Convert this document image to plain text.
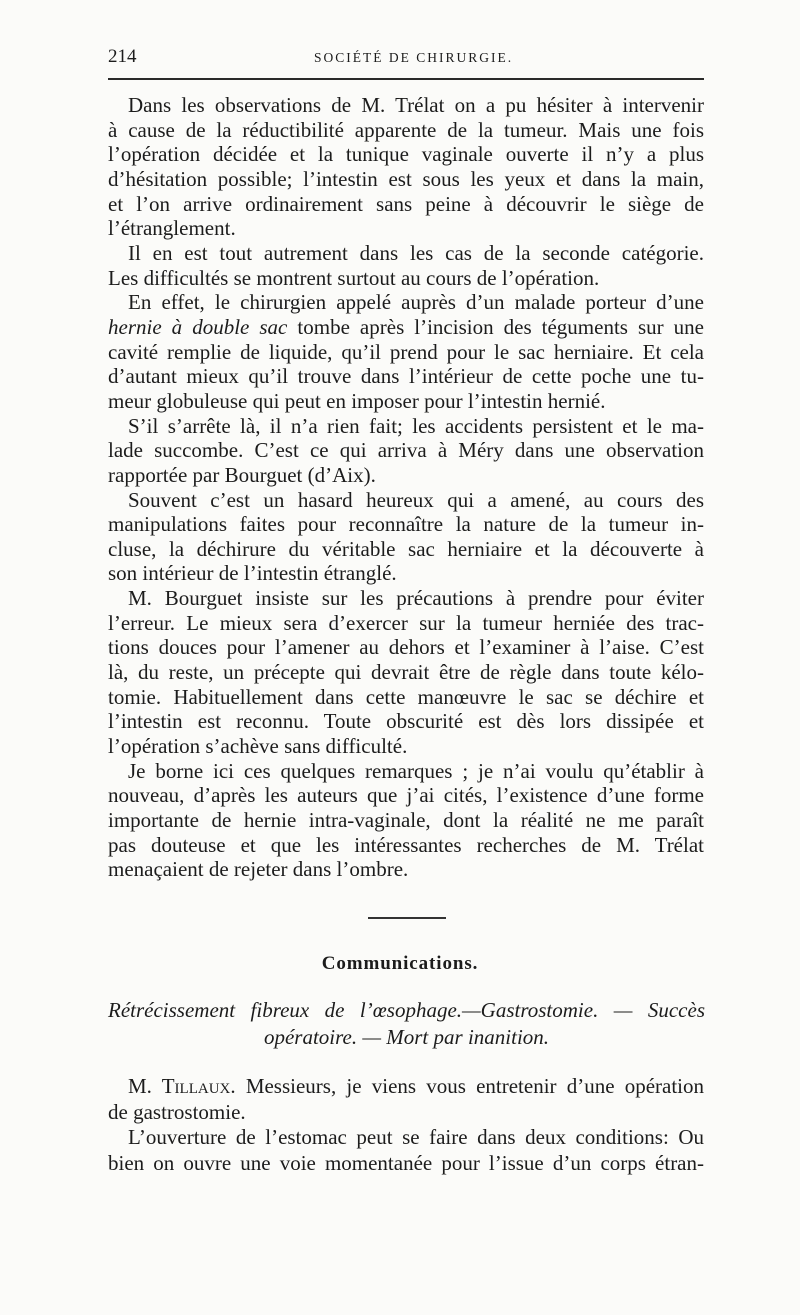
214	SOCIÉTÉ DE CHIRURGIE.
Dans les observations de M. Trélat on a pu hésiter à intervenir
à cause de la réductibilité apparente de la tumeur. Mais une fois
l’opération décidée et la tunique vaginale ouverte il n’y a plus
d’hésitation possible; l’intestin est sous les yeux et dans la main,
et l’on arrive ordinairement sans peine à découvrir le siège de
l’étranglement.
Il en est tout autrement dans les cas de la seconde catégorie.
Les difficultés se montrent surtout au cours de l’opération.
En effet, le chirurgien appelé auprès d’un malade porteur d’une
hernie à double sac tombe après l’incision des téguments sur une
cavité remplie de liquide, qu’il prend pour le sac herniaire. Et cela
d’autant mieux qu’il trouve dans l’intérieur de cette poche une tu-
meur globuleuse qui peut en imposer pour l’intestin hernié.
S’il s’arrête là, il n’a rien fait; les accidents persistent et le ma-
lade succombe. C’est ce qui arriva à Méry dans une observation
rapportée par Bourguet (d’Aix).
Souvent c’est un hasard heureux qui a amené, au cours des
manipulations faites pour reconnaître la nature de la tumeur in-
cluse, la déchirure du véritable sac herniaire et la découverte à
son intérieur de l’intestin étranglé.
M. Bourguet insiste sur les précautions à prendre pour éviter
l’erreur. Le mieux sera d’exercer sur la tumeur herniée des trac-
tions douces pour l’amener au dehors et l’examiner à l’aise. C’est
là, du reste, un précepte qui devrait être de règle dans toute kélo-
tomie. Habituellement dans cette manœuvre le sac se déchire et
l’intestin est reconnu. Toute obscurité est dès lors dissipée et
l’opération s’achève sans difficulté.
Je borne ici ces quelques remarques ; je n’ai voulu qu’établir à
nouveau, d’après les auteurs que j’ai cités, l’existence d’une forme
importante de hernie intra-vaginale, dont la réalité ne me paraît
pas douteuse et que les intéressantes recherches de M. Trélat
menaçaient de rejeter dans l’ombre.
Communications.
Rétrécissement fibreux de l’œsophage.—Gastrostomie. — Succès
opératoire. — Mort par inanition.
M. Tillaux. Messieurs, je viens vous entretenir d’une opération
de gastrostomie.
L’ouverture de l’estomac peut se faire dans deux conditions: Ou
bien on ouvre une voie momentanée pour l’issue d’un corps étran-
